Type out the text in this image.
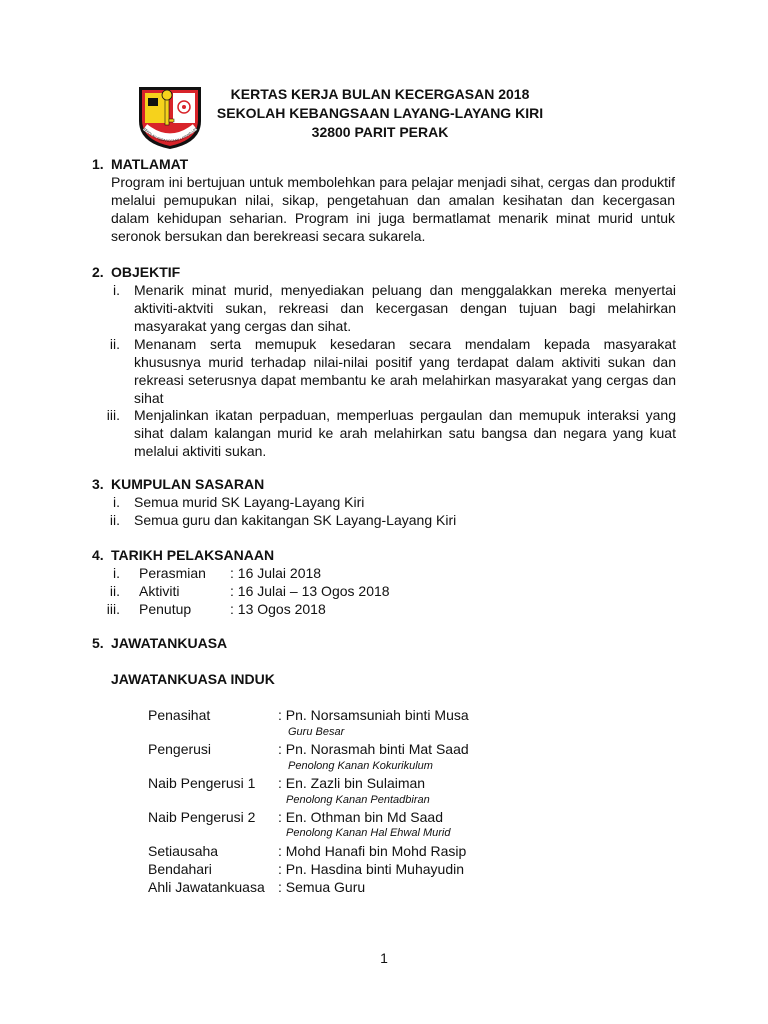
SEKOLAH KEBANGSAAN LAYANG-LAY
KERTAS KERJA BULAN KECERGASAN 2018
SEKOLAH KEBANGSAAN LAYANG-LAYANG KIRI
32800 PARIT PERAK
1. MATLAMAT

Program ini bertujuan untuk membolehkan para pelajar menjadi sihat, cergas dan produktif melalui pemupukan nilai, sikap, pengetahuan dan amalan kesihatan dan kecergasan dalam kehidupan seharian. Program ini juga bermatlamat menarik minat murid untuk seronok bersukan dan berekreasi secara sukarela.

2. OBJEKTIF
i. Menarik minat murid, menyediakan peluang dan menggalakkan mereka menyertai aktiviti-aktviti sukan, rekreasi dan kecergasan dengan tujuan bagi melahirkan masyarakat yang cergas dan sihat.
ii. Menanam serta memupuk kesedaran secara mendalam kepada masyarakat khususnya murid terhadap nilai-nilai positif yang terdapat dalam aktiviti sukan dan rekreasi seterusnya dapat membantu ke arah melahirkan masyarakat yang cergas dan sihat
iii. Menjalinkan ikatan perpaduan, memperluas pergaulan dan memupuk interaksi yang sihat dalam kalangan murid ke arah melahirkan satu bangsa dan negara yang kuat melalui aktiviti sukan.
3. KUMPULAN SASARAN
i. Semua murid SK Layang-Layang Kiri
ii. Semua guru dan kakitangan SK Layang-Layang Kiri
4. TARIKH PELAKSANAAN
i. Perasmian : 16 Julai 2018
ii. Aktiviti	: 16 Julai – 13 Ogos 2018
iii. Penutup	: 13 Ogos 2018
5. JAWATANKUASA
JAWATANKUASA INDUK
Penasihat	: Pn. Norsamsuniah binti Musa
Guru Besar
Pengerusi	: Pn. Norasmah binti Mat Saad
Penolong Kanan Kokurikulum
Naib Pengerusi 1 : En. Zazli bin Sulaiman
Penolong Kanan Pentadbiran
Naib Pengerusi 2 : En. Othman bin Md Saad
Penolong Kanan Hal Ehwal Murid
Setiausaha	: Mohd Hanafi bin Mohd Rasip
Bendahari	: Pn. Hasdina binti Muhayudin
Ahli Jawatankuasa : Semua Guru
1
